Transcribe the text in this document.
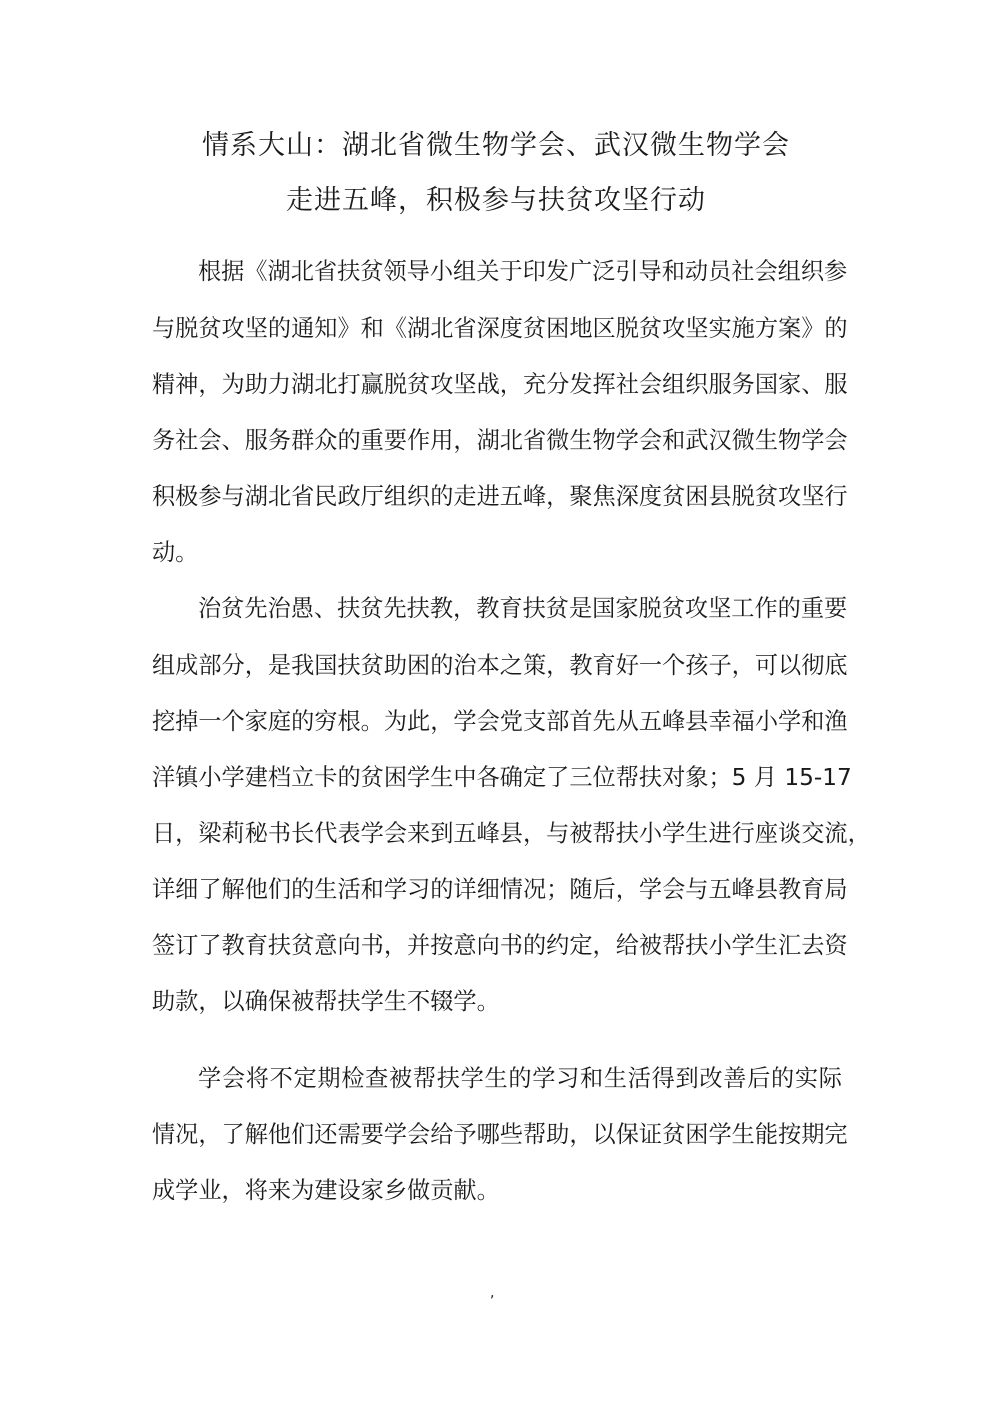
情系大山：湖北省微生物学会、武汉微生物学会
走进五峰，积极参与扶贫攻坚行动
根据《湖北省扶贫领导小组关于印发广泛引导和动员社会组织参
与脱贫攻坚的通知》和《湖北省深度贫困地区脱贫攻坚实施方案》的
精神，为助力湖北打赢脱贫攻坚战，充分发挥社会组织服务国家、服
务社会、服务群众的重要作用，湖北省微生物学会和武汉微生物学会
积极参与湖北省民政厅组织的走进五峰，聚焦深度贫困县脱贫攻坚行
动。
治贫先治愚、扶贫先扶教，教育扶贫是国家脱贫攻坚工作的重要
组成部分，是我国扶贫助困的治本之策，教育好一个孩子，可以彻底
挖掉一个家庭的穷根。为此，学会党支部首先从五峰县幸福小学和渔
洋镇小学建档立卡的贫困学生中各确定了三位帮扶对象；5 月 15-17
日，梁莉秘书长代表学会来到五峰县，与被帮扶小学生进行座谈交流，
详细了解他们的生活和学习的详细情况；随后，学会与五峰县教育局
签订了教育扶贫意向书，并按意向书的约定，给被帮扶小学生汇去资
助款，以确保被帮扶学生不辍学。
学会将不定期检查被帮扶学生的学习和生活得到改善后的实际
情况，了解他们还需要学会给予哪些帮助，以保证贫困学生能按期完
成学业，将来为建设家乡做贡献。
,
